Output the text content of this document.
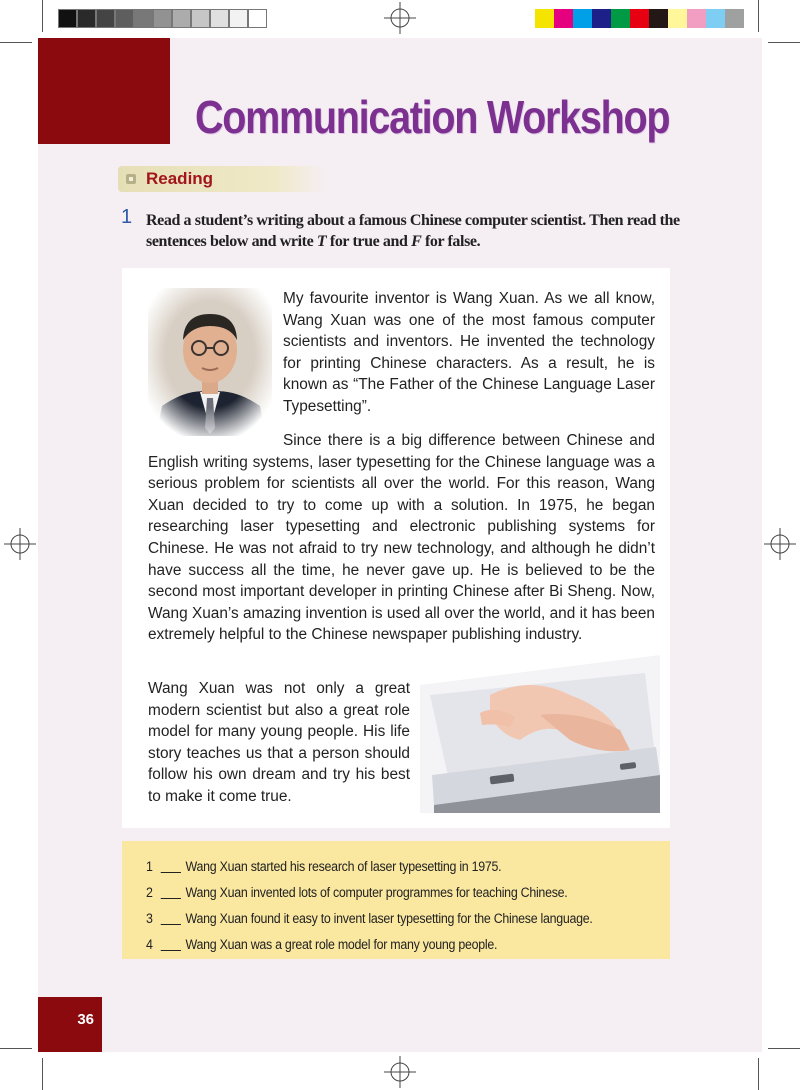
Communication Workshop
Reading
1 Read a student’s writing about a famous Chinese computer scientist. Then read the sentences below and write T for true and F for false.

My favourite inventor is Wang Xuan. As we all know, Wang Xuan was one of the most famous computer scientists and inventors. He invented the technology for printing Chinese characters. As a result, he is known as “The Father of the Chinese Language Laser Typesetting”.

Since there is a big difference between Chinese and English writing systems, laser typesetting for the Chinese language was a serious problem for scientists all over the world. For this reason, Wang Xuan decided to try to come up with a solution. In 1975, he began researching laser typesetting and electronic publishing systems for Chinese. He was not afraid to try new technology, and although he didn’t have success all the time, he never gave up. He is believed to be the second most important developer in printing Chinese after Bi Sheng. Now, Wang Xuan’s amazing invention is used all over the world, and it has been extremely helpful to the Chinese newspaper publishing industry.

Wang Xuan was not only a great modern scientist but also a great role model for many young people. His life story teaches us that a person should follow his own dream and try his best to make it come true.

1	Wang Xuan started his research of laser typesetting in 1975.
2	Wang Xuan invented lots of computer programmes for teaching Chinese.
3	Wang Xuan found it easy to invent laser typesetting for the Chinese language.
4	Wang Xuan was a great role model for many young people.
36
